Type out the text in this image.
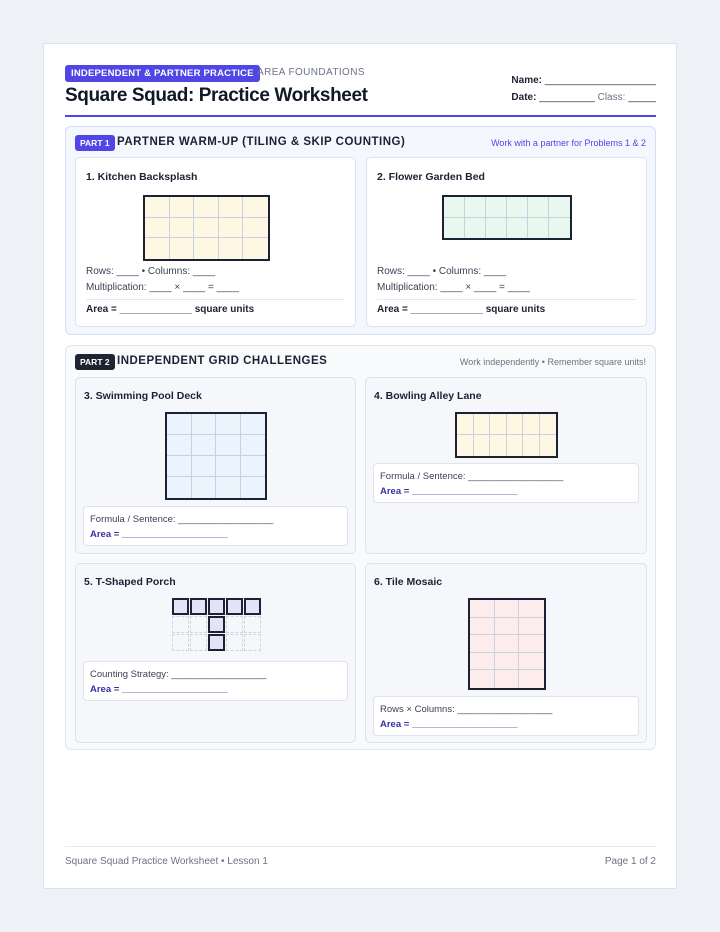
INDEPENDENT & PARTNER PRACTICE AREA FOUNDATIONS
Square Squad: Practice Worksheet
Name: ____________________
Date: __________ Class: _____
PART 1 PARTNER WARM-UP (TILING & SKIP COUNTING)	Work with a partner for Problems 1 & 2
1. Kitchen Backsplash
Rows: ____ • Columns: ____
Multiplication: ____ × ____ = ____
Area = _____________ square units
2. Flower Garden Bed
Rows: ____ • Columns: ____
Multiplication: ____ × ____ = ____
Area = _____________ square units
PART 2 INDEPENDENT GRID CHALLENGES	Work independently • Remember square units!
3. Swimming Pool Deck
Formula / Sentence: __________________
Area = ____________________
4. Bowling Alley Lane
Formula / Sentence: __________________
Area = ____________________
5. T-Shaped Porch
Counting Strategy: __________________
Area = ____________________
6. Tile Mosaic
Rows × Columns: __________________
Area = ____________________
Square Squad Practice Worksheet • Lesson 1	Page 1 of 2
